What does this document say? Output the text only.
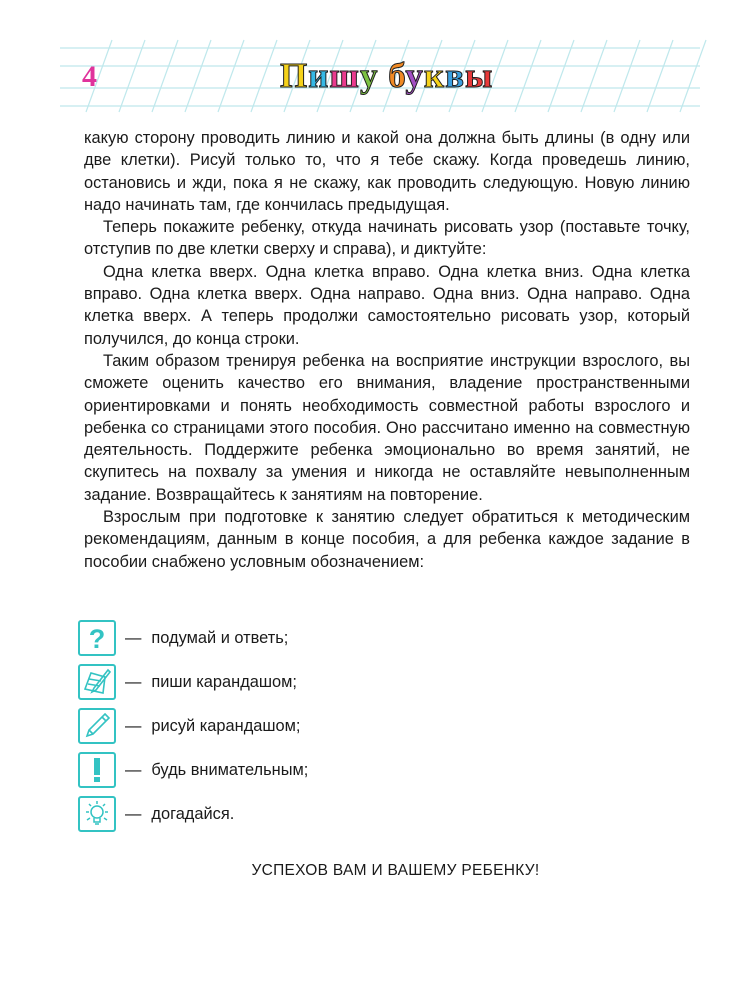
4	Пишу буквы

какую сторону проводить линию и какой она должна быть длины (в одну или две клетки). Рисуй только то, что я тебе скажу. Когда проведешь линию, остановись и жди, пока я не скажу, как проводить следующую. Новую линию надо начинать там, где кончилась предыдущая.

Теперь покажите ребенку, откуда начинать рисовать узор (поставьте точку, отступив по две клетки сверху и справа), и диктуйте:

Одна клетка вверх. Одна клетка вправо. Одна клетка вниз. Одна клетка вправо. Одна клетка вверх. Одна направо. Одна вниз. Одна направо. Одна клетка вверх. А теперь продолжи самостоятельно рисовать узор, который получился, до конца строки.

Таким образом тренируя ребенка на восприятие инструкции взрослого, вы сможете оценить качество его внимания, владение пространственными ориентировками и понять необходимость совместной работы взрослого и ребенка со страницами этого пособия. Оно рассчитано именно на совместную деятельность. Поддержите ребенка эмоционально во время занятий, не скупитесь на похвалу за умения и никогда не оставляйте невыполненным задание. Возвращайтесь к занятиям на повторение.

Взрослым при подготовке к занятию следует обратиться к методическим рекомендациям, данным в конце пособия, а для ребенка каждое задание в пособии снабжено условным обозначением:

? — подумай и ответь;
— пиши карандашом;
— рисуй карандашом;
— будь внимательным;
— догадайся.
УСПЕХОВ ВАМ И ВАШЕМУ РЕБЕНКУ!
